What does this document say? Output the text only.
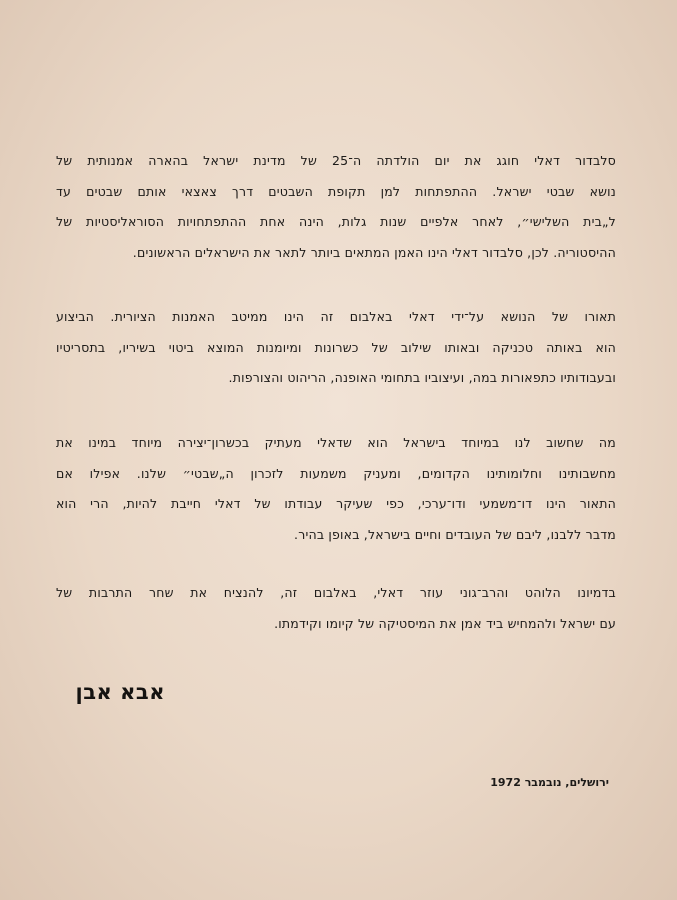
סלבדור דאלי חוגג את יום הולדתה ה־25 של מדינת ישראל בהארה אמנותית של
נושא שבטי ישראל. ההתפתחות למן תקופת השבטים דרך צאצאי אותם שבטים עד
ל„בית השלישי״, לאחר אלפיים שנות גלות, הינה אחת ההתפתחויות הסוראליסטיות של
ההיסטוריה. לכן, סלבדור דאלי הינו האמן המתאים ביותר לתאר את הישראלים הראשונים.
תאורו של הנושא על־ידי דאלי באלבום זה הינו ממיטב האמנות הציורית. הביצוע
הוא באותה טכניקה ובאותו שילוב של כשרונות ומיומנות המוצא ביטוי בשיריו, בתסריטיו
ובעבודותיו כתפאורות במה, ועיצוביו בתחומי האופנה, הריהוט והצורפות.
מה שחשוב לנו במיוחד בישראל הוא שדאלי מעתיק בכשרון־יצירה מיוחד במינו את
מחשבותינו וחלומותינו הקדומים, ומעניק משמעות לזכרון ה„שבטי״ שלנו. אפילו אם
התאור הינו דו־משמעי ודו־ערכי, כפי שעיקר עבודתו של דאלי חייבת להיות, הרי הוא
מדבר ללבנו, ליבם של העובדים וחיים בישראל, באופן בהיר.
בדמיונו הלוהט והרב־גוני עוזר דאלי, באלבום זה, להנציח את שחר התרבות של
עם ישראל ולהמחיש ביד אמן את המיסטיקה של קיומו וקידמתו.
אבא אבן
ירושלים, נובמבר 1972
